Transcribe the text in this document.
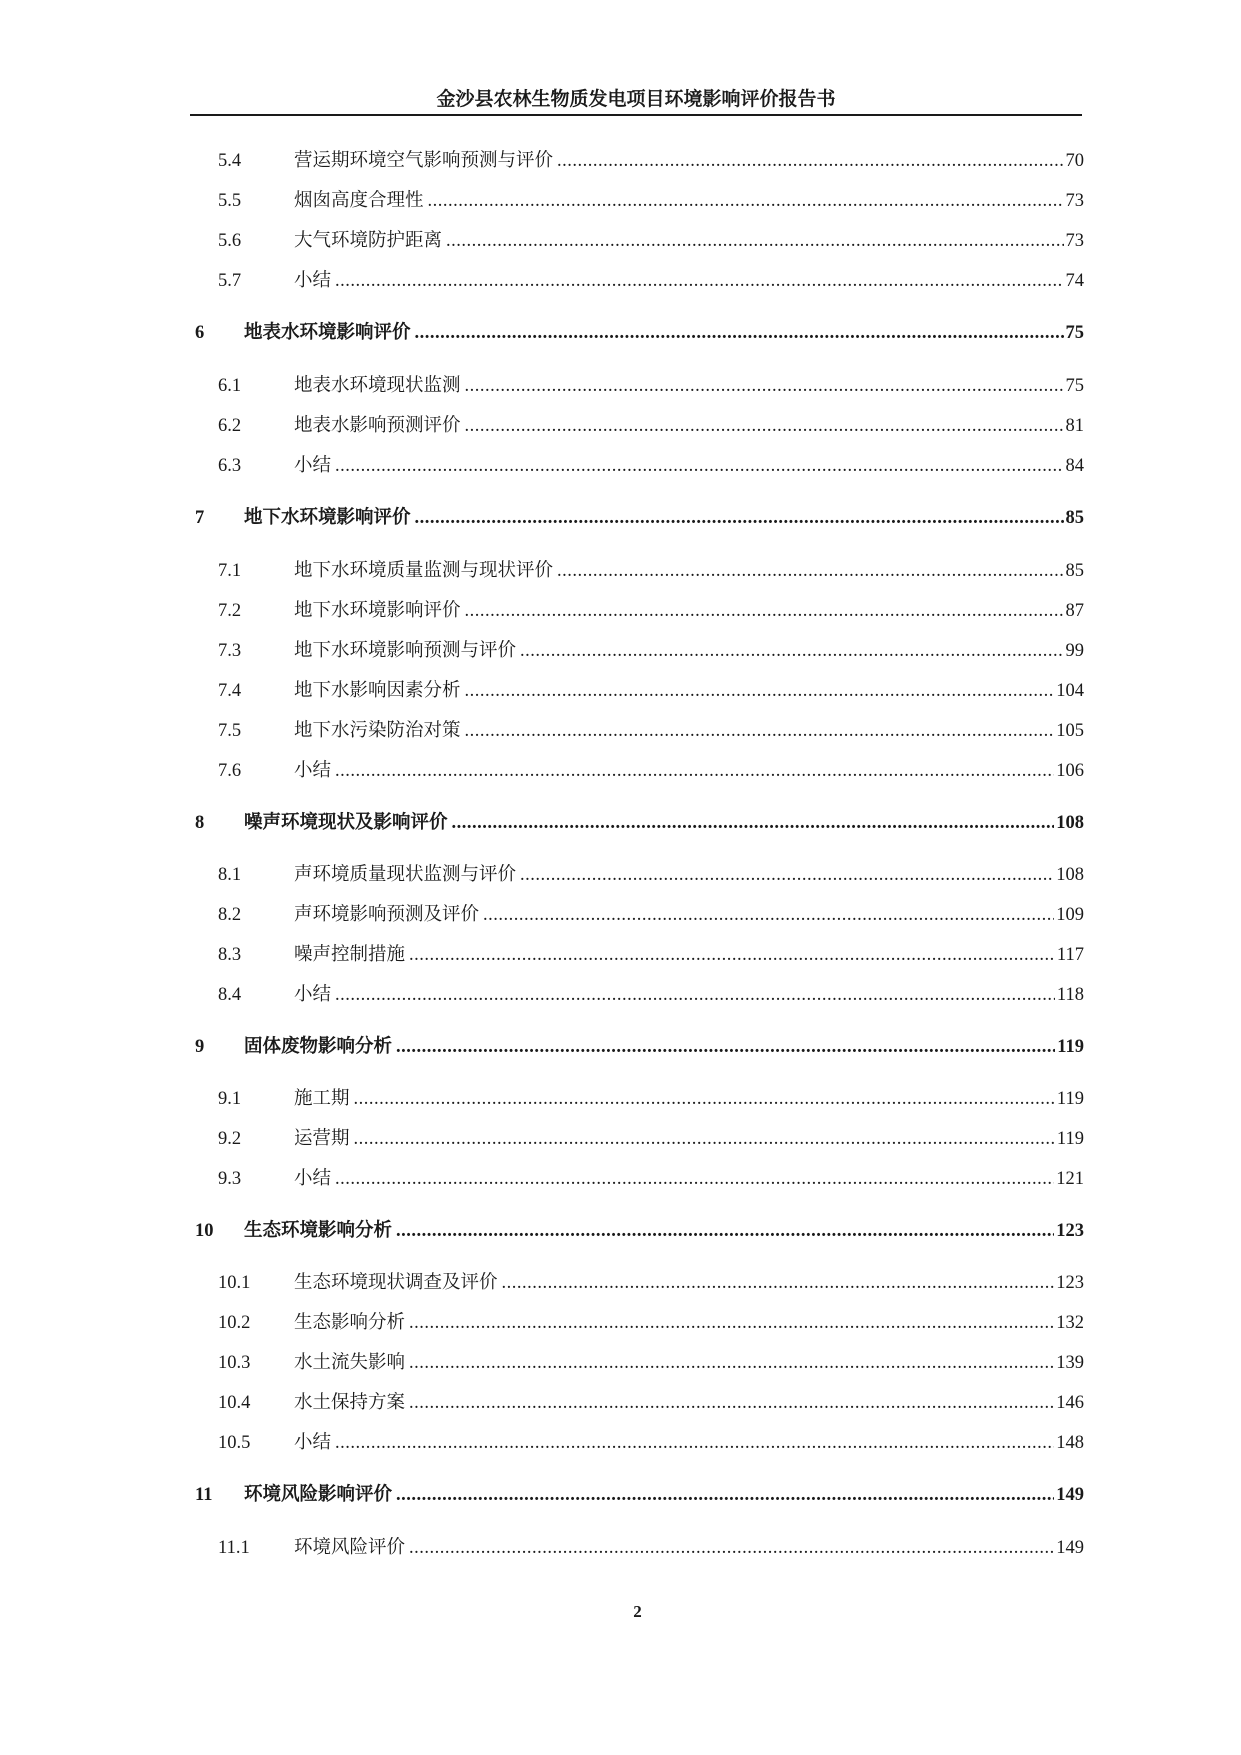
金沙县农林生物质发电项目环境影响评价报告书
5.4	营运期环境空气影响预测与评价 .....	70
5.5	烟囱高度合理性 .....	73
5.6	大气环境防护距离 .....	73
5.7	小结 .....	74
6	地表水环境影响评价 .....	75
6.1	地表水环境现状监测 .....	75
6.2	地表水影响预测评价 .....	81
6.3	小结 .....	84
7	地下水环境影响评价 .....	85
7.1	地下水环境质量监测与现状评价 .....	85
7.2	地下水环境影响评价 .....	87
7.3	地下水环境影响预测与评价 .....	99
7.4	地下水影响因素分析 .....	104
7.5	地下水污染防治对策 .....	105
7.6	小结 .....	106
8	噪声环境现状及影响评价 .....	108
8.1	声环境质量现状监测与评价 .....	108
8.2	声环境影响预测及评价 .....	109
8.3	噪声控制措施 .....	117
8.4	小结 .....	118
9	固体废物影响分析 .....	119
9.1	施工期 .....	119
9.2	运营期 .....	119
9.3	小结 .....	121
10	生态环境影响分析 .....	123
10.1	生态环境现状调查及评价 .....	123
10.2	生态影响分析 .....	132
10.3	水土流失影响 .....	139
10.4	水土保持方案 .....	146
10.5	小结 .....	148
11	环境风险影响评价 .....	149
11.1	环境风险评价 .....	149
2
